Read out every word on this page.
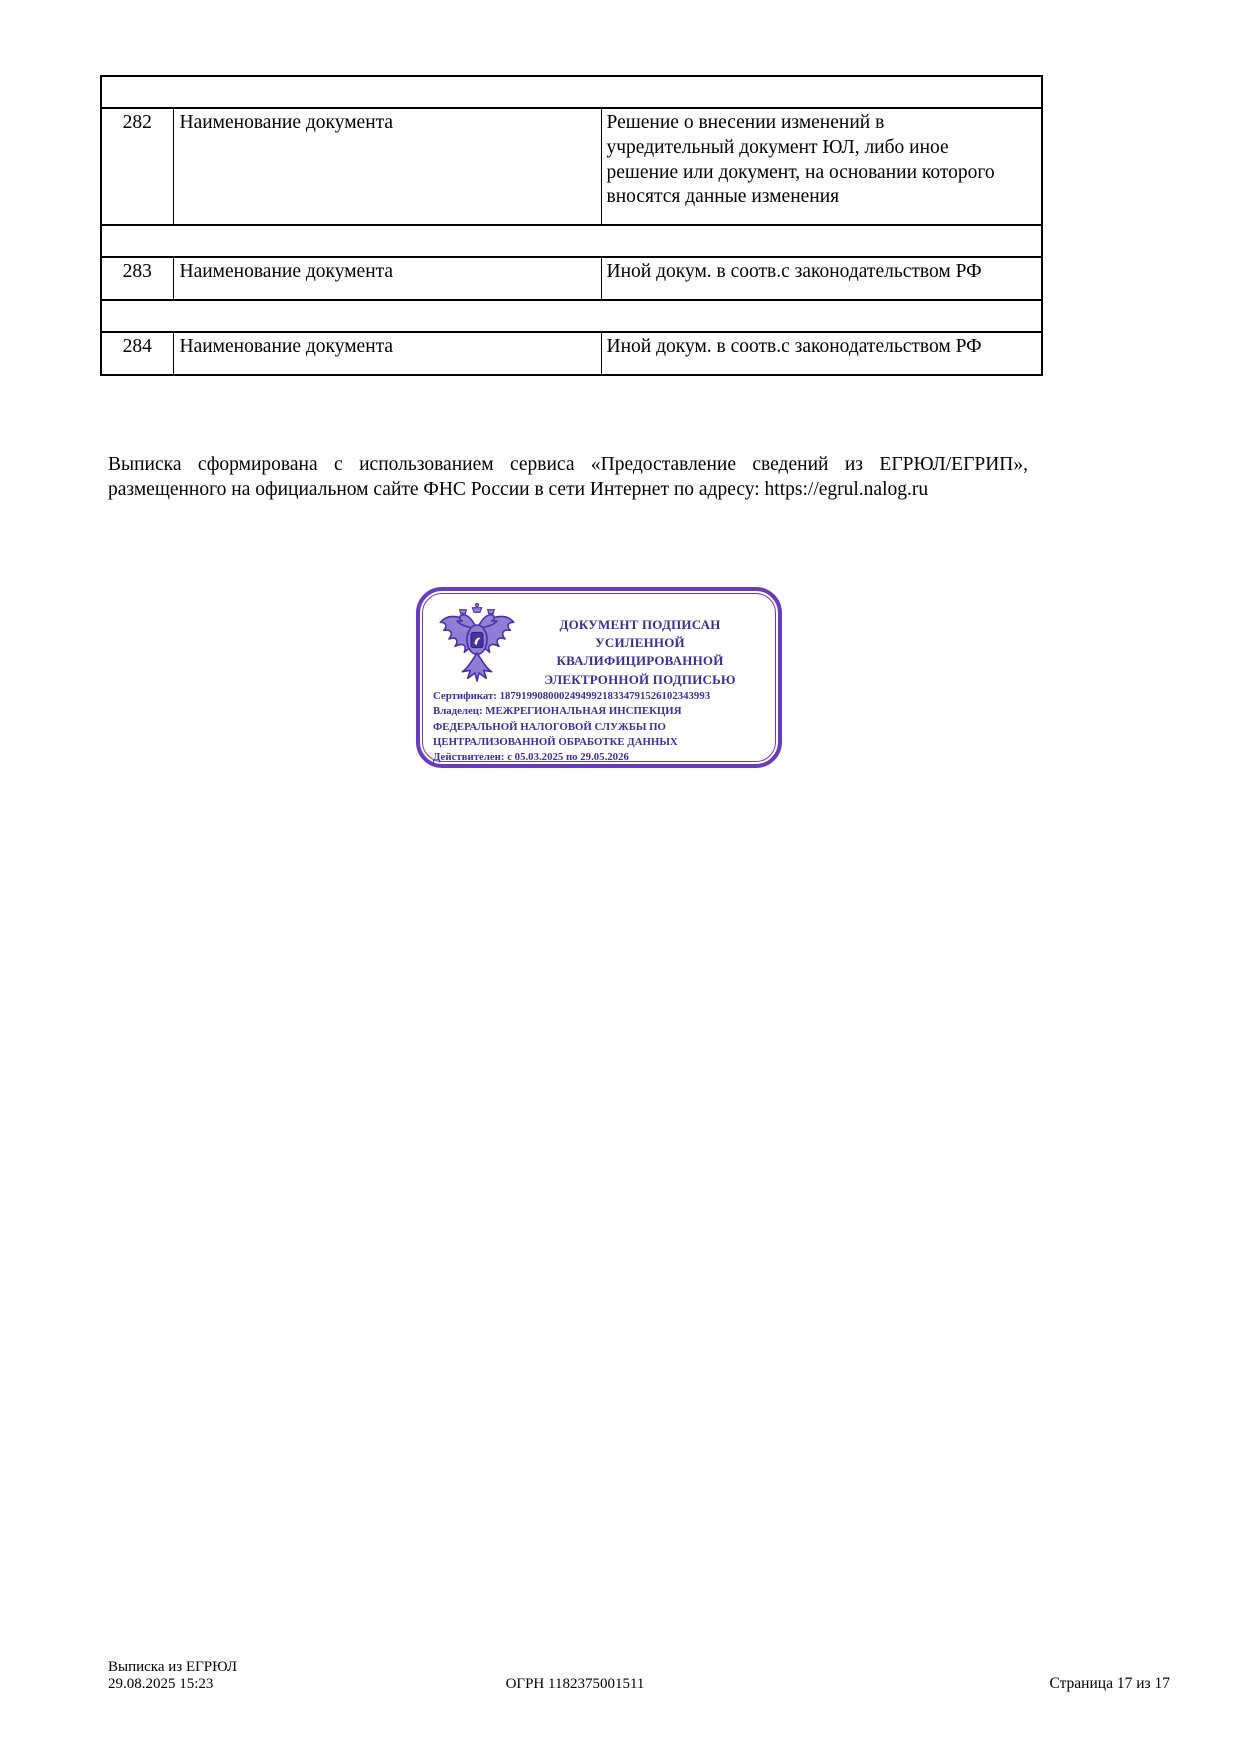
282	Наименование документа	Решение о внесении изменений в учредительный документ ЮЛ, либо иное решение или документ, на основании которого вносятся данные изменения

283	Наименование документа	Иной докум. в соотв.с законодательством РФ

284	Наименование документа	Иной докум. в соотв.с законодательством РФ
Выписка сформирована с использованием сервиса «Предоставление сведений из ЕГРЮЛ/ЕГРИП», размещенного на официальном сайте ФНС России в сети Интернет по адресу: https://egrul.nalog.ru
ДОКУМЕНТ ПОДПИСАН
УСИЛЕННОЙ КВАЛИФИЦИРОВАННОЙ
ЭЛЕКТРОННОЙ ПОДПИСЬЮ
Сертификат: 187919908000249499218334791526102343993
Владелец: МЕЖРЕГИОНАЛЬНАЯ ИНСПЕКЦИЯ ФЕДЕРАЛЬНОЙ НАЛОГОВОЙ СЛУЖБЫ ПО ЦЕНТРАЛИЗОВАННОЙ ОБРАБОТКЕ ДАННЫХ
Действителен: с 05.03.2025 по 29.05.2026
Выписка из ЕГРЮЛ
29.08.2025 15:23	ОГРН 1182375001511	Страница 17 из 17
